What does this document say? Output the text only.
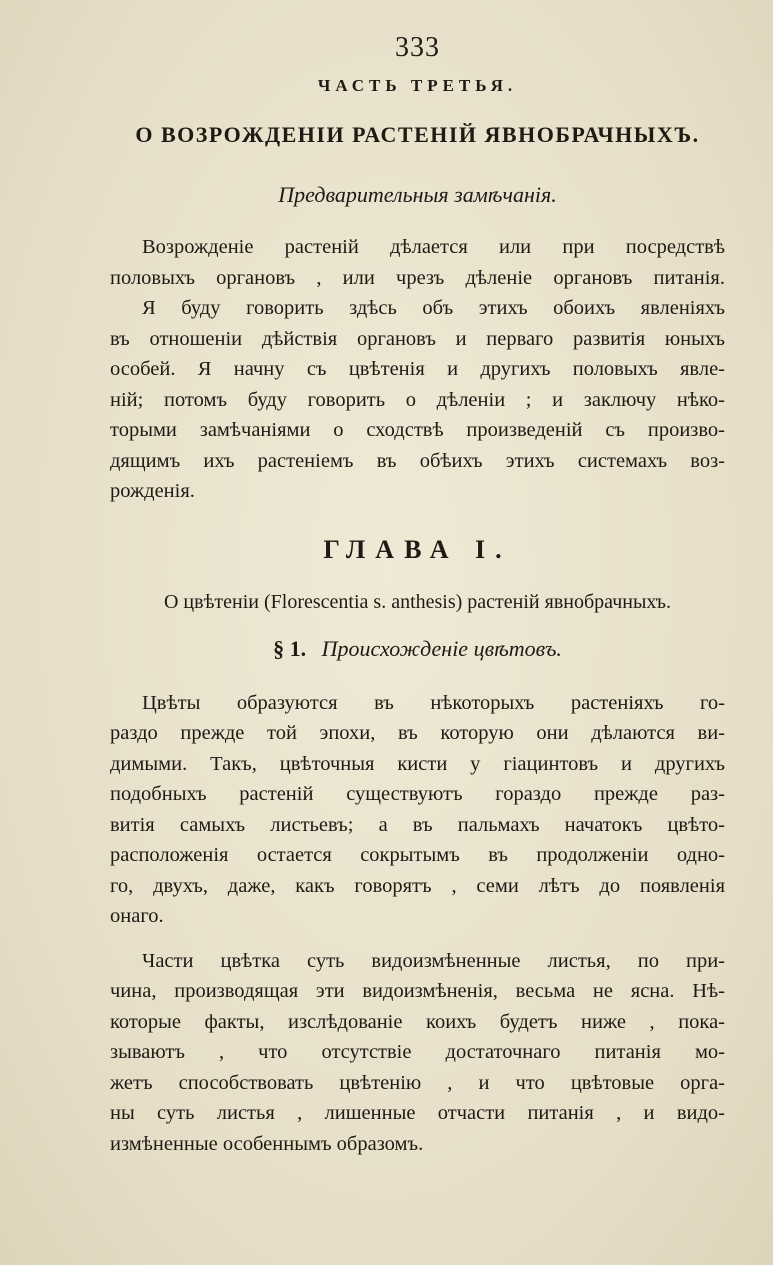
333
ЧАСТЬ ТРЕТЬЯ.
О ВОЗРОЖДЕНІИ РАСТЕНІЙ ЯВНОБРАЧНЫХЪ.
Предварительныя замѣчанія.
Возрожденіе растеній дѣлается или при посредствѣ
половыхъ органовъ , или чрезъ дѣленіе органовъ питанія.
Я буду говорить здѣсь объ этихъ обоихъ явленіяхъ
въ отношеніи дѣйствія органовъ и перваго развитія юныхъ
особей. Я начну съ цвѣтенія и другихъ половыхъ явле-
ній; потомъ буду говорить о дѣленіи ; и заключу нѣко-
торыми замѣчаніями о сходствѣ произведеній съ произво-
дящимъ ихъ растеніемъ въ обѣихъ этихъ системахъ воз-
рожденія.
ГЛАВА I.
О цвѣтеніи (Florescentia s. anthesis) растеній явнобрачныхъ.
§ 1. Происхожденіе цвѣтовъ.
Цвѣты образуются въ нѣкоторыхъ растеніяхъ го-
раздо прежде той эпохи, въ которую они дѣлаются ви-
димыми. Такъ, цвѣточныя кисти у гіацинтовъ и другихъ
подобныхъ растеній существуютъ гораздо прежде раз-
витія самыхъ листьевъ; а въ пальмахъ начатокъ цвѣто-
расположенія остается сокрытымъ въ продолженіи одно-
го, двухъ, даже, какъ говорятъ , семи лѣтъ до появленія
онаго.
Части цвѣтка суть видоизмѣненные листья, по при-
чина, производящая эти видоизмѣненія, весьма не ясна. Нѣ-
которые факты, изслѣдованіе коихъ будетъ ниже , пока-
зываютъ , что отсутствіе достаточнаго питанія мо-
жетъ способствовать цвѣтенію , и что цвѣтовые орга-
ны суть листья , лишенные отчасти питанія , и видо-
измѣненные особеннымъ образомъ.
